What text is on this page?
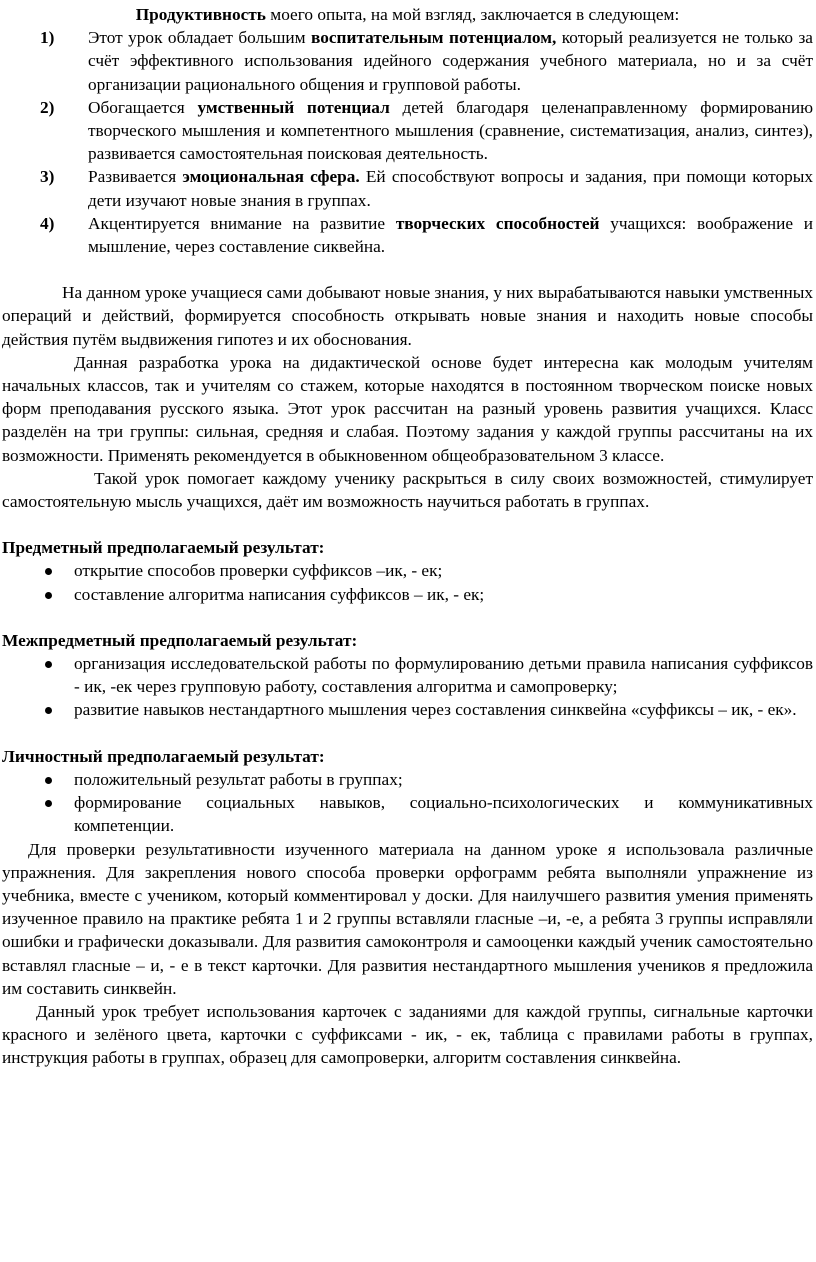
Продуктивность моего опыта, на мой взгляд, заключается в следующем:

1) Этот урок обладает большим воспитательным потенциалом, который реализуется не только за счёт эффективного использования идейного содержания учебного материала, но и за счёт организации рационального общения и групповой работы.
2) Обогащается умственный потенциал детей благодаря целенаправленному формированию творческого мышления и компетентного мышления (сравнение, систематизация, анализ, синтез), развивается самостоятельная поисковая деятельность.
3) Развивается эмоциональная сфера. Ей способствуют вопросы и задания, при помощи которых дети изучают новые знания в группах.
4) Акцентируется внимание на развитие творческих способностей учащихся: воображение и мышление, через составление сиквейна.

На данном уроке учащиеся сами добывают новые знания, у них вырабатываются навыки умственных операций и действий, формируется способность открывать новые знания и находить новые способы действия путём выдвижения гипотез и их обоснования.

Данная разработка урока на дидактической основе будет интересна как молодым учителям начальных классов, так и учителям со стажем, которые находятся в постоянном творческом поиске новых форм преподавания русского языка. Этот урок рассчитан на разный уровень развития учащихся. Класс разделён на три группы: сильная, средняя и слабая. Поэтому задания у каждой группы рассчитаны на их возможности. Применять рекомендуется в обыкновенном общеобразовательном 3 классе.

Такой урок помогает каждому ученику раскрыться в силу своих возможностей, стимулирует самостоятельную мысль учащихся, даёт им возможность научиться работать в группах.

Предметный предполагаемый результат:

открытие способов проверки суффиксов –ик, - ек;
составление алгоритма написания суффиксов – ик, - ек;

Межпредметный предполагаемый результат:

организация исследовательской работы по формулированию детьми правила написания суффиксов - ик, -ек через групповую работу, составления алгоритма и самопроверку;
развитие навыков нестандартного мышления через составления синквейна «суффиксы – ик, - ек».

Личностный предполагаемый результат:

положительный результат работы в группах;
формирование социальных навыков, социально-психологических и коммуникативных компетенции.

Для проверки результативности изученного материала на данном уроке я использовала различные упражнения. Для закрепления нового способа проверки орфограмм ребята выполняли упражнение из учебника, вместе с учеником, который комментировал у доски. Для наилучшего развития умения применять изученное правило на практике ребята 1 и 2 группы вставляли гласные –и, -е, а ребята 3 группы исправляли ошибки и графически доказывали. Для развития самоконтроля и самооценки каждый ученик самостоятельно вставлял гласные – и, - е в текст карточки. Для развития нестандартного мышления учеников я предложила им составить синквейн.

Данный урок требует использования карточек с заданиями для каждой группы, сигнальные карточки красного и зелёного цвета, карточки с суффиксами - ик, - ек, таблица с правилами работы в группах, инструкция работы в группах, образец для самопроверки, алгоритм составления синквейна.
